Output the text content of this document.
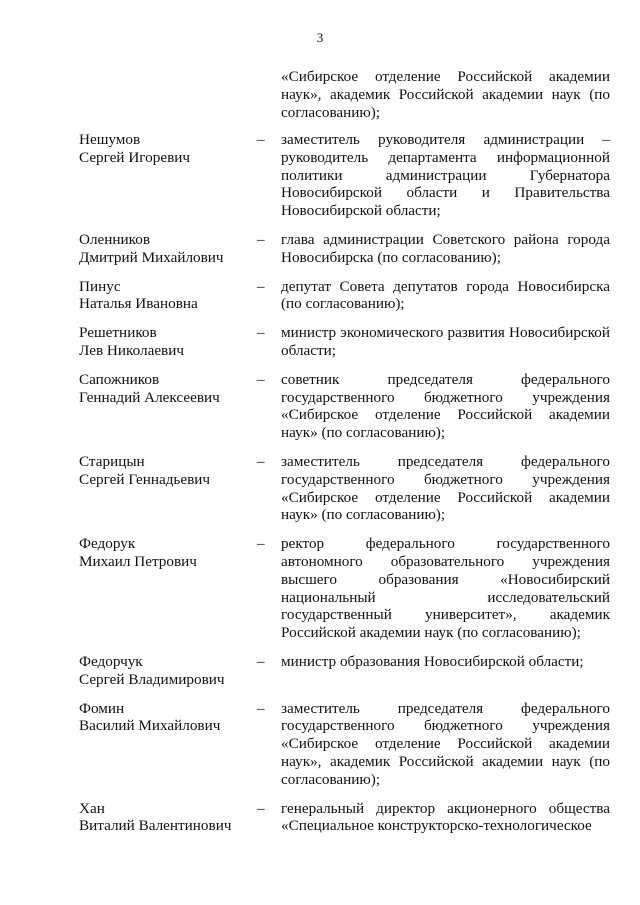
3
«Сибирское отделение Российской академии наук», академик Российской академии наук (по согласованию);
Нешумов
Сергей Игоревич
–	заместитель руководителя администрации – руководитель департамента информационной политики администрации Губернатора Новосибирской области и Правительства Новосибирской области;
Оленников
Дмитрий Михайлович
–	глава администрации Советского района города Новосибирска (по согласованию);
Пинус
Наталья Ивановна
–	депутат Совета депутатов города Новосибирска (по согласованию);
Решетников
Лев Николаевич
–	министр экономического развития Новосибирской области;
Сапожников
Геннадий Алексеевич
–	советник председателя федерального государственного бюджетного учреждения «Сибирское отделение Российской академии наук» (по согласованию);
Старицын
Сергей Геннадьевич
–	заместитель председателя федерального государственного бюджетного учреждения «Сибирское отделение Российской академии наук» (по согласованию);
Федорук
Михаил Петрович
–	ректор федерального государственного автономного образовательного учреждения высшего образования «Новосибирский национальный исследовательский государственный университет», академик Российской академии наук (по согласованию);
Федорчук
Сергей Владимирович
–	министр образования Новосибирской области;
Фомин
Василий Михайлович
–	заместитель председателя федерального государственного бюджетного учреждения «Сибирское отделение Российской академии наук», академик Российской академии наук (по согласованию);
Хан
Виталий Валентинович
–	генеральный директор акционерного общества «Специальное конструкторско-технологическое
